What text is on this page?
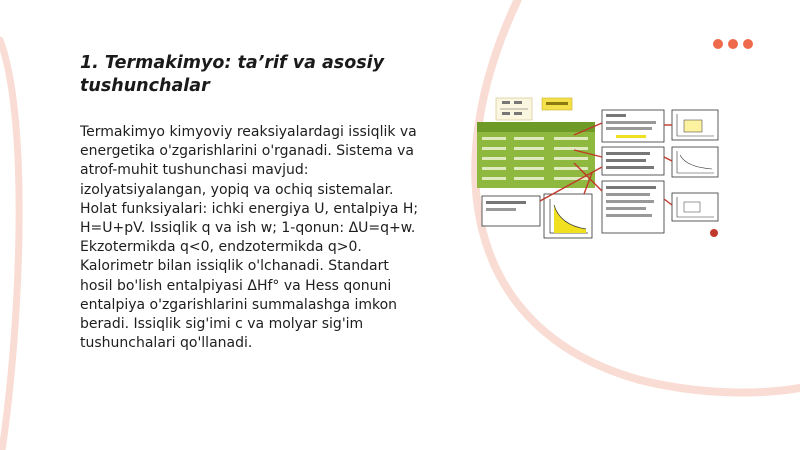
1. Termakimyo: ta’rif va asosiy tushunchalar

Termakimyo kimyoviy reaksiyalardagi issiqlik va energetika o'zgarishlarini o'rganadi. Sistema va atrof-muhit tushunchasi mavjud: izolyatsiyalangan, yopiq va ochiq sistemalar. Holat funksiyalari: ichki energiya U, entalpiya H; H=U+pV. Issiqlik q va ish w; 1-qonun: ΔU=q+w. Ekzotermikda q<0, endzotermikda q>0. Kalorimetr bilan issiqlik o'lchanadi. Standart hosil bo'lish entalpiyasi ΔHf° va Hess qonuni entalpiya o'zgarishlarini summalashga imkon beradi. Issiqlik sig'imi c va molyar sig'im tushunchalari qo'llanadi.
